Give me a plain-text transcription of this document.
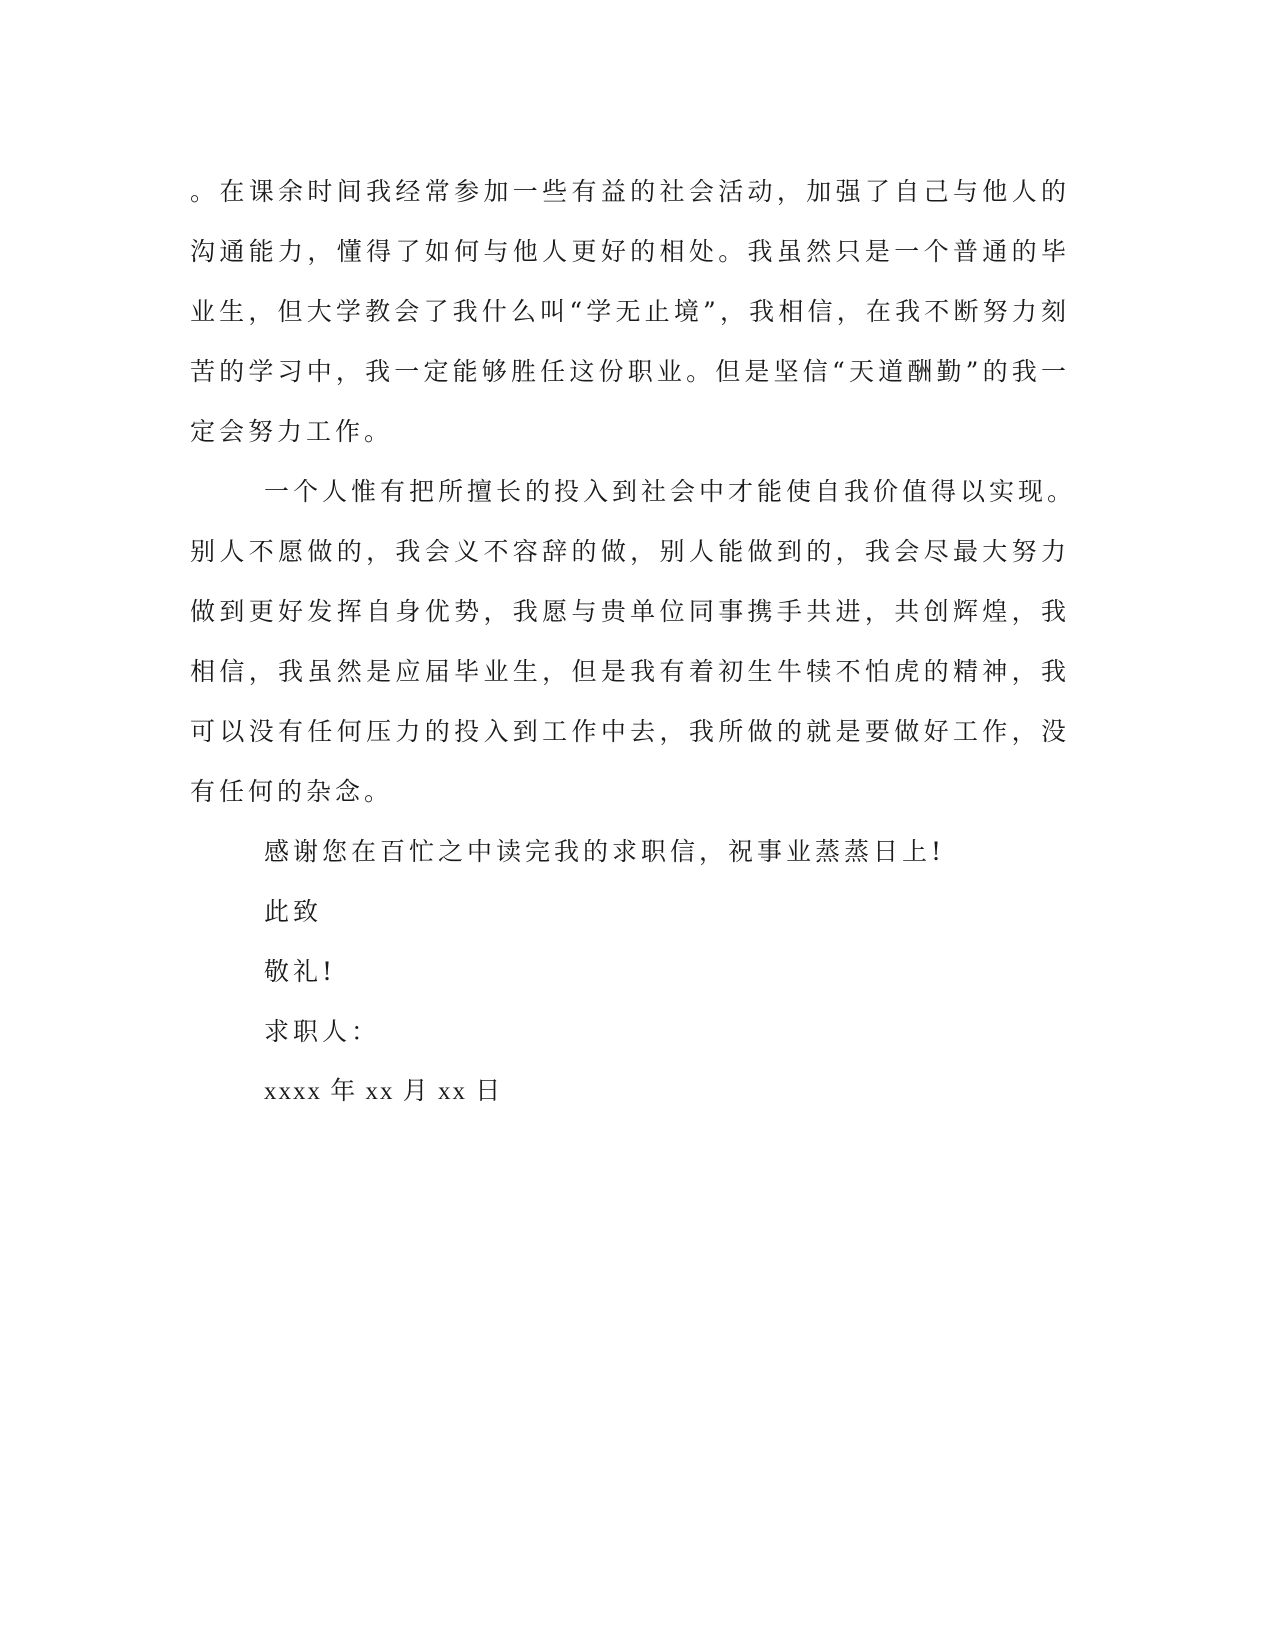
。在课余时间我经常参加一些有益的社会活动，加强了自己与他人的
沟通能力，懂得了如何与他人更好的相处。我虽然只是一个普通的毕
业生，但大学教会了我什么叫“学无止境”，我相信，在我不断努力刻
苦的学习中，我一定能够胜任这份职业。但是坚信“天道酬勤”的我一
定会努力工作。
一个人惟有把所擅长的投入到社会中才能使自我价值得以实现。
别人不愿做的，我会义不容辞的做，别人能做到的，我会尽最大努力
做到更好发挥自身优势，我愿与贵单位同事携手共进，共创辉煌，我
相信，我虽然是应届毕业生，但是我有着初生牛犊不怕虎的精神，我
可以没有任何压力的投入到工作中去，我所做的就是要做好工作，没
有任何的杂念。
感谢您在百忙之中读完我的求职信，祝事业蒸蒸日上!
此致
敬礼!
求职人：
xxxx 年 xx 月 xx 日
